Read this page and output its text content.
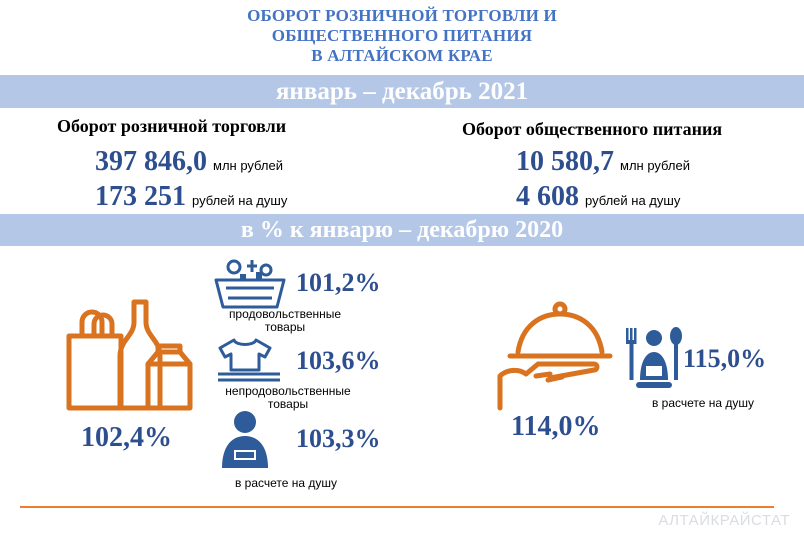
ОБОРОТ РОЗНИЧНОЙ ТОРГОВЛИ И
ОБЩЕСТВЕННОГО ПИТАНИЯ
В АЛТАЙСКОМ КРАЕ
январь – декабрь 2021
Оборот розничной торговли
397 846,0 млн рублей
173 251 рублей на душу
Оборот общественного питания
10 580,7 млн рублей
4 608 рублей на душу
в % к январю – декабрю 2020
101,2%
продовольственные
товары
103,6%
непродовольственные
товары
103,3%
в расчете на душу
102,4%
115,0%
в расчете на душу
114,0%
АЛТАЙКРАЙСТАТ
